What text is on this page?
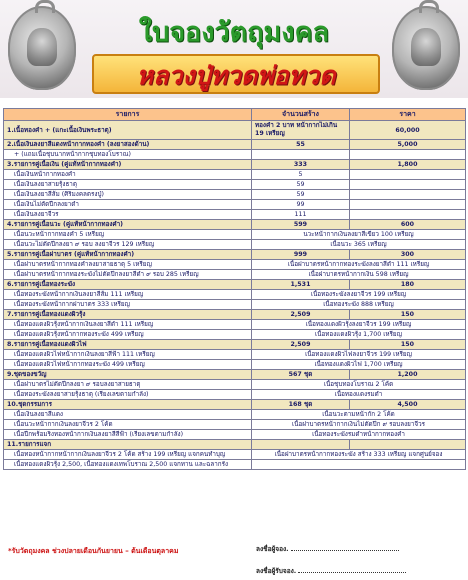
ใบจองวัตถุมงคล
หลวงปู่ทวดพ่อทวด
รายการ	จำนวนสร้าง	ราคา
1.เนื้อทองคำ + (แกะเนื้อเงินพระธาตุ)	ทองคำ 2 บาท หน้ากากไม่เกิน 19 เหรียญ	60,000
2.เนื้อเงินลงยาสีแดงหน้ากากทองคำ (ลงยาสองด้าน)	55	5,000
+ (แถมเนื้อชุบนากหน้ากากชุบทองโบราณ)		
3.รายการคู่เนื้อเงิน (คู่แท้หน้ากากทองคำ)	333	1,800
เนื้อเงินหน้ากากทองคำ	5	
เนื้อเงินลงยาสายรุ้งธาตุ	59	
เนื้อเงินลงยาสีส้ม (ศิริมงคลตรงปู่)	59	
เนื้อเงินไม่ตัดปีกลงยาดำ	99	
เนื้อเงินลงยาจีวร	111	
4.รายการคู่เนื้อนวะ (คู่แท้หน้ากากทองคำ)	599	600
เนื้อนวะหน้ากากทองคำ 5 เหรียญ	นวะหน้ากากเงินลงยาสีเขียว 100 เหรียญ	
เนื้อนวะไม่ตัดปีกลงยา ๙ รอบ ลงยาจีวร 129 เหรียญ	เนื้อนวะ 365 เหรียญ	
5.รายการคู่เนื้อฝาบาตร (คู่แท้หน้ากากทองคำ)	999	300
เนื้อฝาบาตรหน้ากากทองคำลงยาสายธาตุ 5 เหรียญ	เนื้อฝาบาตรหน้ากากทองระฆังลงยาสีดำ 111 เหรียญ	
เนื้อฝาบาตรหน้ากากทองระฆังไม่ตัดปีกลงยาสีดำ ๙ รอบ 285 เหรียญ	เนื้อฝาบาตรหน้ากากเงิน 598 เหรียญ	
6.รายการคู่เนื้อทองระฆัง	1,531	180
เนื้อทองระฆังหน้ากากเงินลงยาสีส้ม 111 เหรียญ	เนื้อทองระฆังลงยาจีวร 199 เหรียญ	
เนื้อทองระฆังหน้ากากฝาบาตร 333 เหรียญ	เนื้อทองระฆัง 888 เหรียญ	
7.รายการคู่เนื้อทองแดงผิวรุ้ง	2,509	150
เนื้อทองแดงผิวรุ้งหน้ากากเงินลงยาสีดำ 111 เหรียญ	เนื้อทองแดงผิวรุ้งลงยาจีวร 199 เหรียญ	
เนื้อทองแดงผิวรุ้งหน้ากากทองระฆัง 499 เหรียญ	เนื้อทองแดงผิวรุ้ง 1,700 เหรียญ	
8.รายการคู่เนื้อทองแดงผิวไฟ	2,509	150
เนื้อทองแดงผิวไฟหน้ากากเงินลงยาสีฟ้า 111 เหรียญ	เนื้อทองแดงผิวไฟลงยาจีวร 199 เหรียญ	
เนื้อทองแดงผิวไฟหน้ากากทองระฆัง 499 เหรียญ	เนื้อทองแดงผิวไฟ 1,700 เหรียญ	
9.ชุดของขวัญ	567 ชุด	1,200
เนื้อฝาบาตรไม่ตัดปีกลงยา ๙ รอบลงยาสายธาตุ	เนื้อชุบทองโบราณ 2 โค้ด	
เนื้อทองระฆังลงยาสายรุ้งธาตุ (เรียงเลขตามกำลัง)	เนื้อทองแดงรมดำ	
10.ชุดกรรมการ	168 ชุด	4,500
เนื้อเงินลงยาสีแดง	เนื้อนวะตามหน้ากัก 2 โค้ด	
เนื้อนวะหน้ากากเงินลงยาจีวร 2 โค้ด	เนื้อฝาบาตรหน้ากากเงินไม่ตัดปีก ๙ รอบลงยาจีวร	
เนื้อปีกพร้อมริงทองหน้ากากเงินลงยาสีสีฟ้า (เรียงเลขตามกำลัง)	เนื้อทองระฆังรมดำหน้ากากทองคำ	
11.รายการแจก		
เนื้อทองหน้ากากหน้ากากเงินลงยาจีวร 2 โค้ด สร้าง 199 เหรียญ แจกคนทำบุญ	เนื้อฝาบาตรหน้ากากทองระฆัง สร้าง 333 เหรียญ แจกศูนย์จอง	
เนื้อทองแดงผิวรุ้ง 2,500, เนื้อทองแดงเทพโบราณ 2,500 แจกทาน และฉลากรัง		
*รับวัตถุมงคล ช่วงปลายเดือนกันยายน – ต้นเดือนตุลาคม	ลงชื่อผู้จอง.
ลงชื่อผู้รับจอง.
